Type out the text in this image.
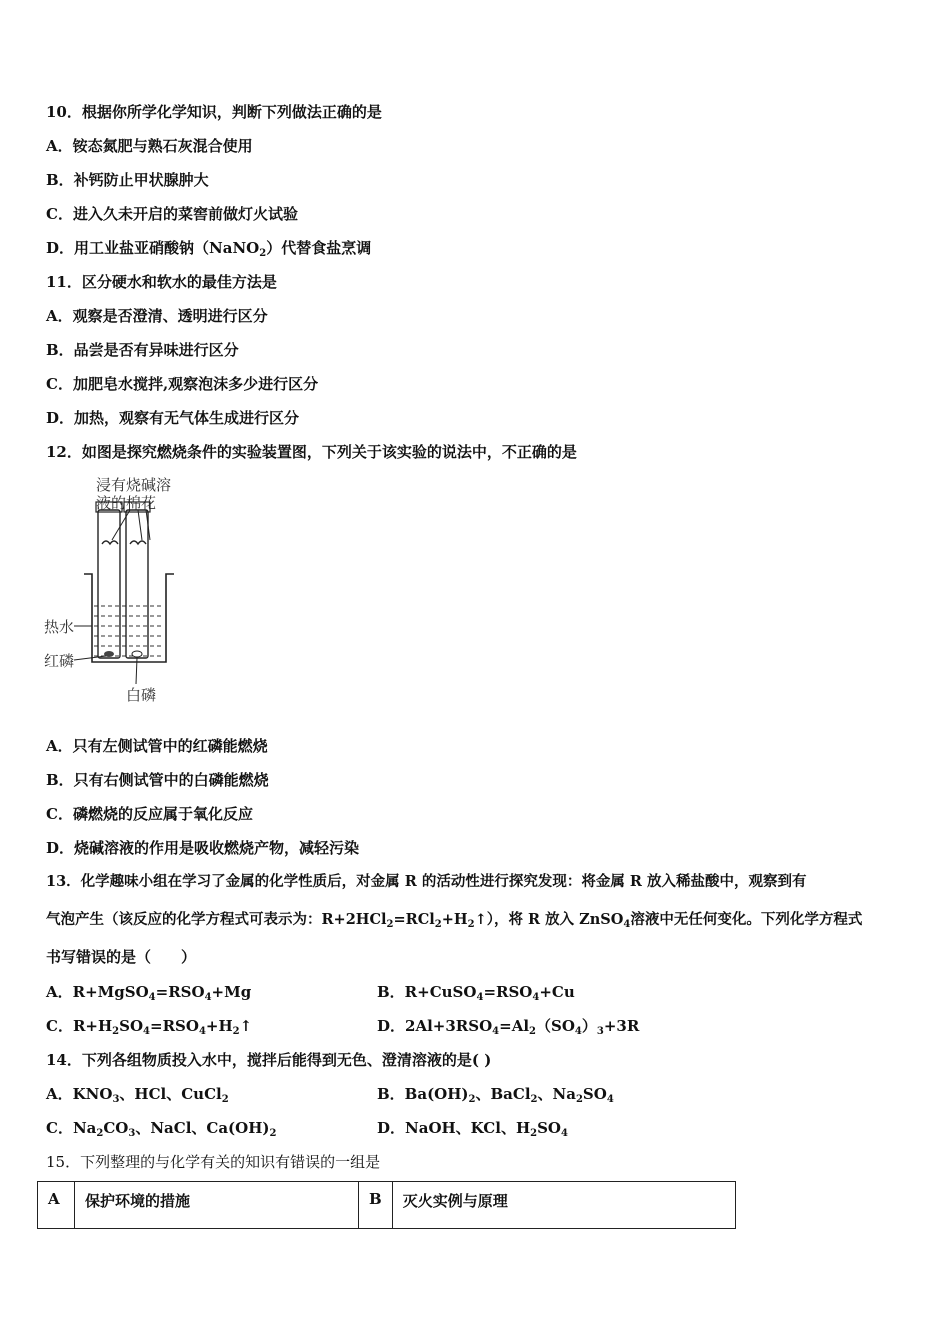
10．根据你所学化学知识，判断下列做法正确的是
A．铵态氮肥与熟石灰混合使用
B．补钙防止甲状腺肿大
C．进入久未开启的菜窖前做灯火试验
D．用工业盐亚硝酸钠（NaNO$_2$）代替食盐烹调
11．区分硬水和软水的最佳方法是
A．观察是否澄清、透明进行区分
B．品尝是否有异味进行区分
C．加肥皂水搅拌,观察泡沫多少进行区分
D．加热，观察有无气体生成进行区分
12．如图是探究燃烧条件的实验装置图，下列关于该实验的说法中，不正确的是
浸有烧碱溶
液的棉花
热水
红磷
白磷
A．只有左侧试管中的红磷能燃烧
B．只有右侧试管中的白磷能燃烧
C．磷燃烧的反应属于氧化反应
D．烧碱溶液的作用是吸收燃烧产物，减轻污染
13．化学趣味小组在学习了金属的化学性质后，对金属 R 的活动性进行探究发现：将金属 R 放入稀盐酸中，观察到有
气泡产生（该反应的化学方程式可表示为：$R+2HCl_2=RCl_2+H_2↑$），将 R 放入 ZnSO$_4$溶液中无任何变化。下列化学方程式
书写错误的是（　　）
A．$R+MgSO_4=RSO_4+Mg$	B．$R+CuSO_4=RSO_4+Cu$
C．$R+H_2SO_4=RSO_4+H_2↑$	D．$2Al+3RSO_4=Al_2(SO_4)_3+3R$
14．下列各组物质投入水中，搅拌后能得到无色、澄清溶液的是( )
A．$KNO_3$、HCl、CuCl$_2$	B．$Ba(OH)_2$、BaCl$_2$、$Na_2SO_4$
C．$Na_2CO_3$、NaCl、$Ca(OH)_2$	D．NaOH、KCl、$H_2SO_4$
15．下列整理的与化学有关的知识有错误的一组是
A	保护环境的措施	B	灭火实例与原理
